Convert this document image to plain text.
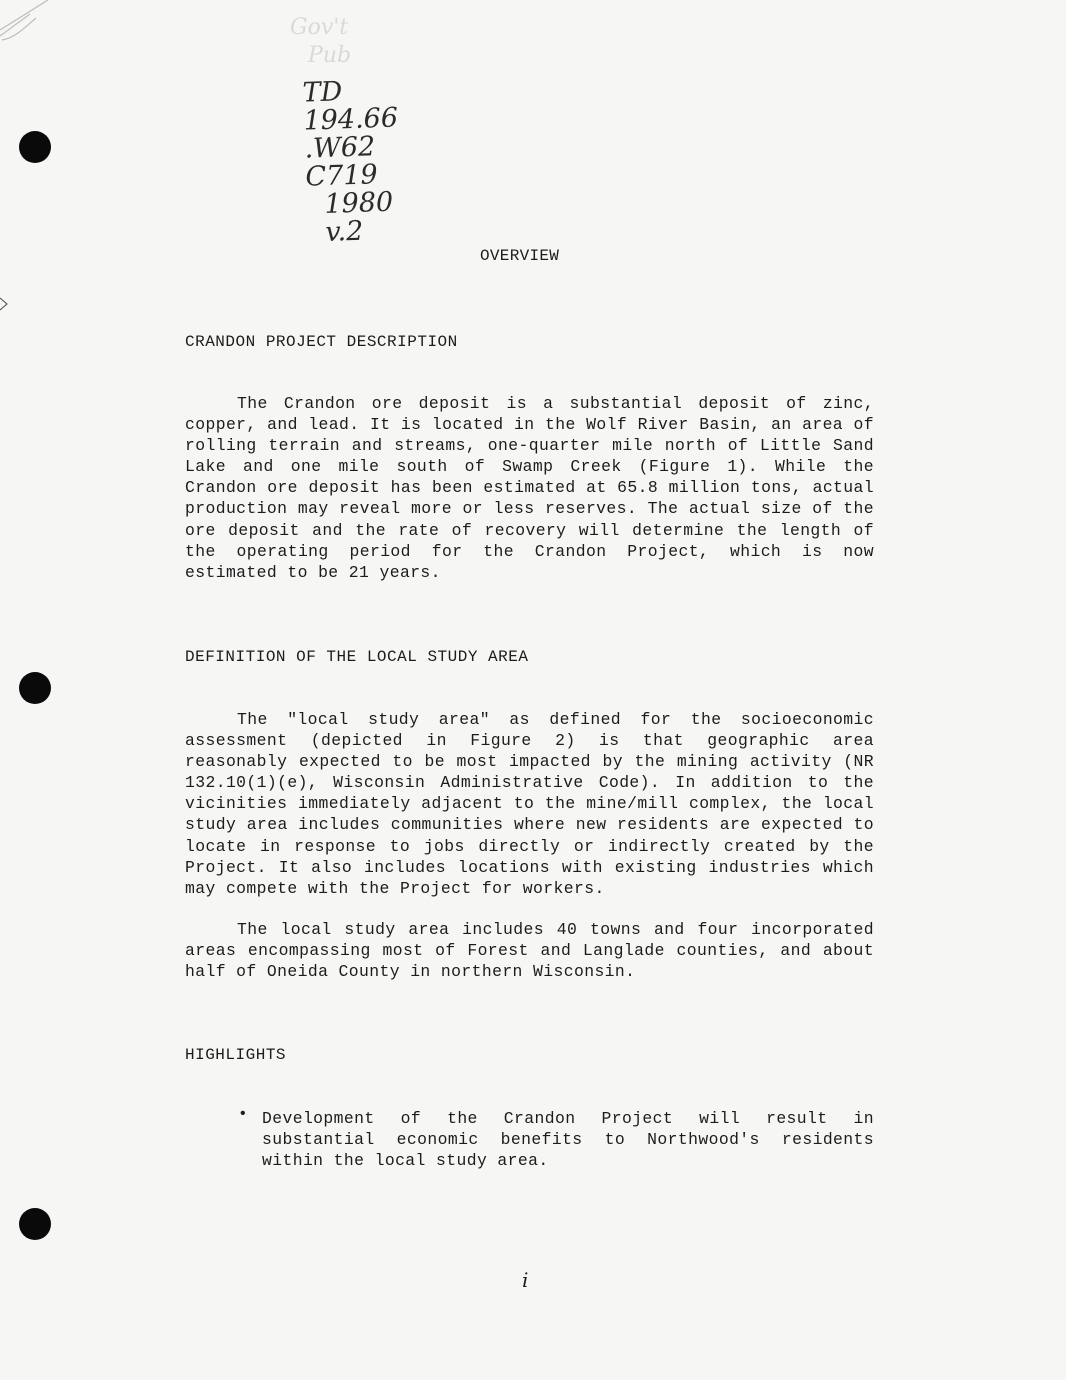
Gov't
Pub
TD
194.66
.W62
C719
1980
v.2
OVERVIEW
CRANDON PROJECT DESCRIPTION

The Crandon ore deposit is a substantial deposit of zinc, copper, and lead. It is located in the Wolf River Basin, an area of rolling terrain and streams, one-quarter mile north of Little Sand Lake and one mile south of Swamp Creek (Figure 1). While the Crandon ore deposit has been estimated at 65.8 million tons, actual production may reveal more or less reserves. The actual size of the ore deposit and the rate of recovery will determine the length of the operating period for the Crandon Project, which is now estimated to be 21 years.

DEFINITION OF THE LOCAL STUDY AREA

The "local study area" as defined for the socioeconomic assessment (depicted in Figure 2) is that geographic area reasonably expected to be most impacted by the mining activity (NR 132.10(1)(e), Wisconsin Administrative Code). In addition to the vicinities immediately adjacent to the mine/mill complex, the local study area includes communities where new residents are expected to locate in response to jobs directly or indirectly created by the Project. It also includes locations with existing industries which may compete with the Project for workers.

The local study area includes 40 towns and four incorporated areas encompassing most of Forest and Langlade counties, and about half of Oneida County in northern Wisconsin.

HIGHLIGHTS
• Development of the Crandon Project will result in substantial economic benefits to Northwood's residents within the local study area.

i
